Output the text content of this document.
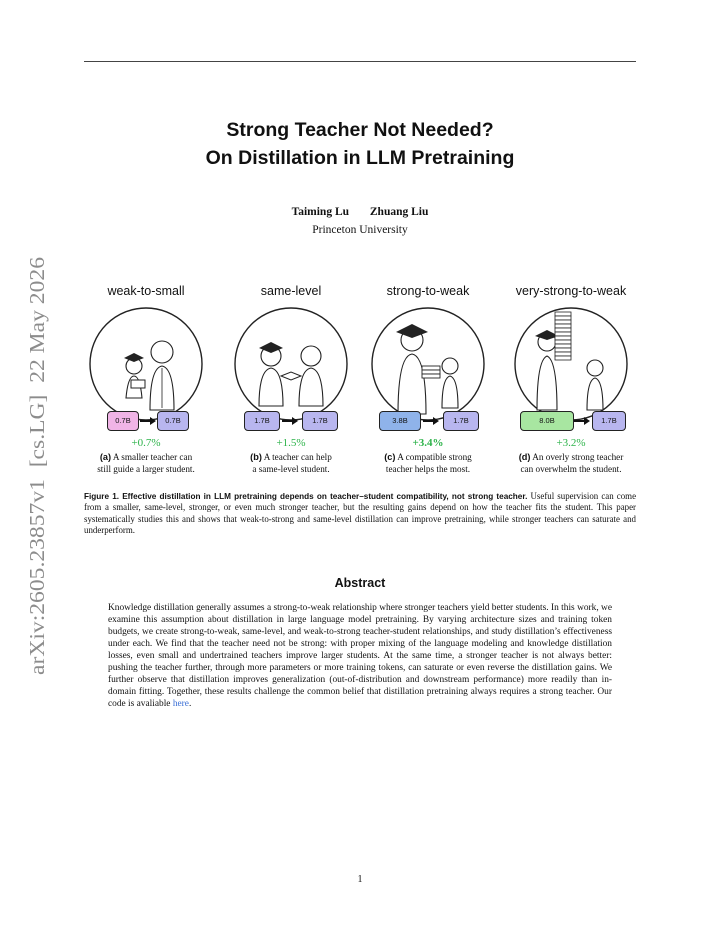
arXiv:2605.23857v1  [cs.LG]  22 May 2026
Strong Teacher Not Needed?
On Distillation in LLM Pretraining
Taiming Lu Zhuang Liu
Princeton University
weak-to-small
0.7B	0.7B
+0.7%
(a) A smaller teacher can
still guide a larger student.
same-level
1.7B	1.7B
+1.5%
(b) A teacher can help
a same-level student.
strong-to-weak
3.8B	1.7B
+3.4%
(c) A compatible strong
teacher helps the most.
very-strong-to-weak
8.0B	1.7B
+3.2%
(d) An overly strong teacher
can overwhelm the student.
Figure 1. Effective distillation in LLM pretraining depends on teacher–student compatibility, not strong teacher. Useful supervision can come from a smaller, same-level, stronger, or even much stronger teacher, but the resulting gains depend on how the teacher fits the student. This paper systematically studies this and shows that weak-to-strong and same-level distillation can improve pretraining, while stronger teachers can saturate and underperform.
Abstract
Knowledge distillation generally assumes a strong-to-weak relationship where stronger teachers yield better students. In this work, we examine this assumption about distillation in large language model pretraining. By varying architecture sizes and training token budgets, we create strong-to-weak, same-level, and weak-to-strong teacher-student relationships, and study distillation’s effectiveness under each. We find that the teacher need not be strong: with proper mixing of the language modeling and knowledge distillation losses, even small and undertrained teachers improve larger students. At the same time, a stronger teacher is not always better: pushing the teacher further, through more parameters or more training tokens, can saturate or even reverse the distillation gains. We further observe that distillation improves generalization (out-of-distribution and downstream performance) more readily than in-domain fitting. Together, these results challenge the common belief that distillation pretraining always requires a strong teacher. Our code is avaliable here.
1
